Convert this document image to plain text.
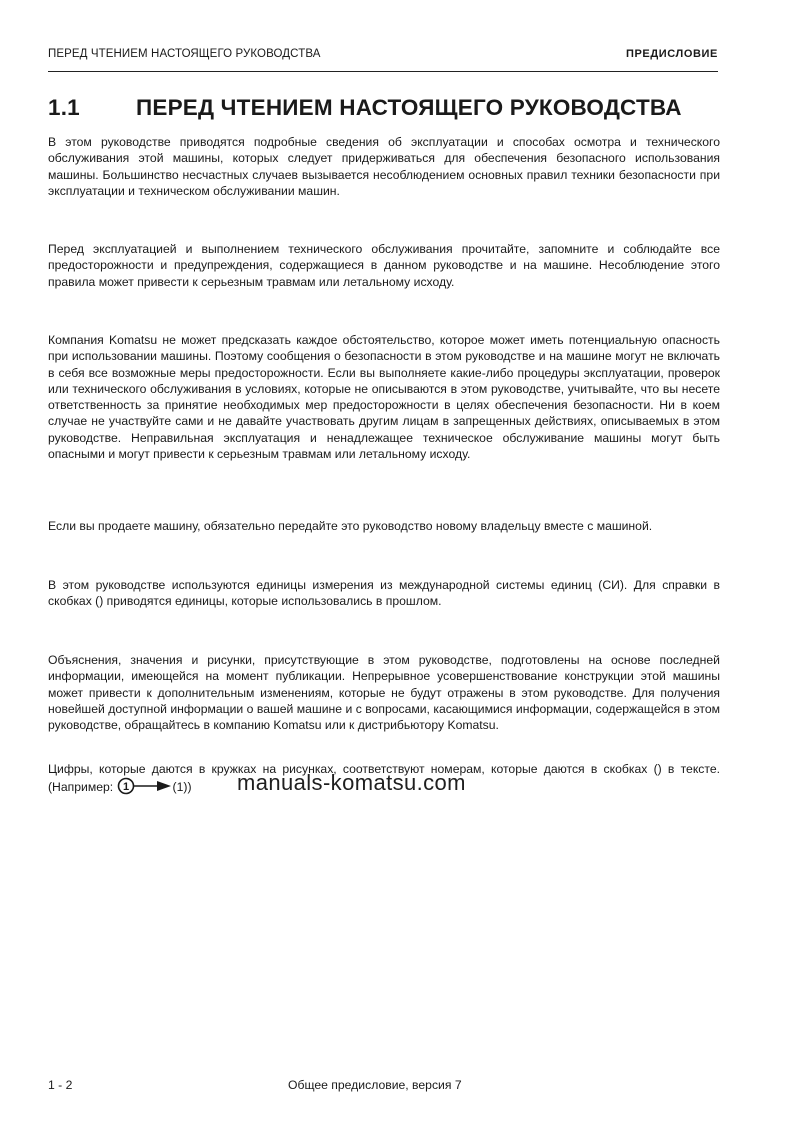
ПЕРЕД ЧТЕНИЕМ НАСТОЯЩЕГО РУКОВОДСТВА	ПРЕДИСЛОВИЕ
1.1 ПЕРЕД ЧТЕНИЕМ НАСТОЯЩЕГО РУКОВОДСТВА

В этом руководстве приводятся подробные сведения об эксплуатации и способах осмотра и технического обслуживания этой машины, которых следует придерживаться для обеспечения безопасного использования машины. Большинство несчастных случаев вызывается несоблюдением основных правил техники безопасности при эксплуатации и техническом обслуживании машин.

Перед эксплуатацией и выполнением технического обслуживания прочитайте, запомните и соблюдайте все предосторожности и предупреждения, содержащиеся в данном руководстве и на машине. Несоблюдение этого правила может привести к серьезным травмам или летальному исходу.

Компания Komatsu не может предсказать каждое обстоятельство, которое может иметь потенциальную опасность при использовании машины. Поэтому сообщения о безопасности в этом руководстве и на машине могут не включать в себя все возможные меры предосторожности. Если вы выполняете какие-либо процедуры эксплуатации, проверок или технического обслуживания в условиях, которые не описываются в этом руководстве, учитывайте, что вы несете ответственность за принятие необходимых мер предосторожности в целях обеспечения безопасности. Ни в коем случае не участвуйте сами и не давайте участвовать другим лицам в запрещенных действиях, описываемых в этом руководстве. Неправильная эксплуатация и ненадлежащее техническое обслуживание машины могут быть опасными и могут привести к серьезным травмам или летальному исходу.

Если вы продаете машину, обязательно передайте это руководство новому владельцу вместе с машиной.

В этом руководстве используются единицы измерения из международной системы единиц (СИ). Для справки в скобках () приводятся единицы, которые использовались в прошлом.

Объяснения, значения и рисунки, присутствующие в этом руководстве, подготовлены на основе последней информации, имеющейся на момент публикации. Непрерывное усовершенствование конструкции этой машины может привести к дополнительным изменениям, которые не будут отражены в этом руководстве. Для получения новейшей доступной информации о вашей машине и с вопросами, касающимися информации, содержащейся в этом руководстве, обращайтесь в компанию Komatsu или к дистрибьютору Komatsu.

Цифры, которые даются в кружках на рисунках, соответствуют номерам, которые даются в скобках () в тексте. (Например: 1	(1))	manuals-komatsu.com
1 - 2	Общее предисловие, версия 7
